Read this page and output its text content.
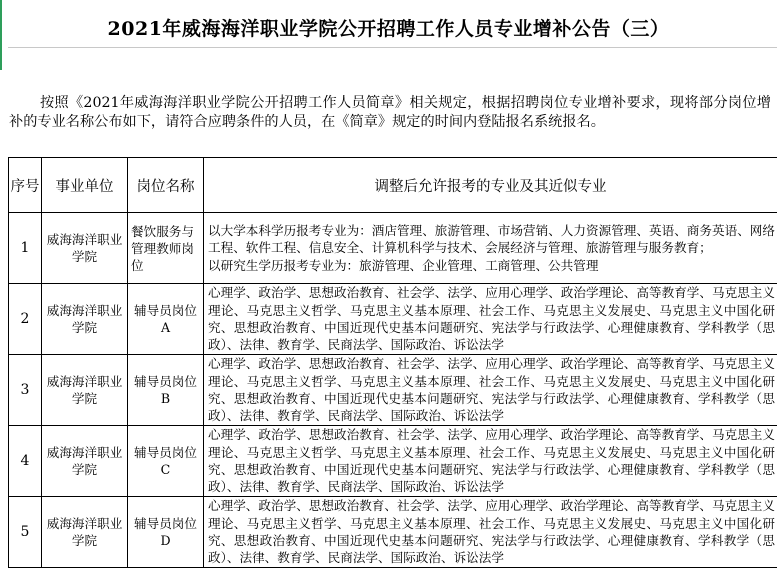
2021年威海海洋职业学院公开招聘工作人员专业增补公告（三）

按照《2021年威海海洋职业学院公开招聘工作人员简章》相关规定，根据招聘岗位专业增补要求，现将部分岗位增补的专业名称公布如下，请符合应聘条件的人员，在《简章》规定的时间内登陆报名系统报名。

序号	事业单位	岗位名称	调整后允许报考的专业及其近似专业
1	威海海洋职业学院	餐饮服务与管理教师岗位	以大学本科学历报考专业为：酒店管理、旅游管理、市场营销、人力资源管理、英语、商务英语、网络工程、软件工程、信息安全、计算机科学与技术、会展经济与管理、旅游管理与服务教育；
以研究生学历报考专业为：旅游管理、企业管理、工商管理、公共管理

2	威海海洋职业学院	辅导员岗位A	心理学、政治学、思想政治教育、社会学、法学、应用心理学、政治学理论、高等教育学、马克思主义理论、马克思主义哲学、马克思主义基本原理、社会工作、马克思主义发展史、马克思主义中国化研究、思想政治教育、中国近现代史基本问题研究、宪法学与行政法学、心理健康教育、学科教学（思政）、法律、教育学、民商法学、国际政治、诉讼法学
3	威海海洋职业学院	辅导员岗位B	心理学、政治学、思想政治教育、社会学、法学、应用心理学、政治学理论、高等教育学、马克思主义理论、马克思主义哲学、马克思主义基本原理、社会工作、马克思主义发展史、马克思主义中国化研究、思想政治教育、中国近现代史基本问题研究、宪法学与行政法学、心理健康教育、学科教学（思政）、法律、教育学、民商法学、国际政治、诉讼法学
4	威海海洋职业学院	辅导员岗位C	心理学、政治学、思想政治教育、社会学、法学、应用心理学、政治学理论、高等教育学、马克思主义理论、马克思主义哲学、马克思主义基本原理、社会工作、马克思主义发展史、马克思主义中国化研究、思想政治教育、中国近现代史基本问题研究、宪法学与行政法学、心理健康教育、学科教学（思政）、法律、教育学、民商法学、国际政治、诉讼法学
5	威海海洋职业学院	辅导员岗位D	心理学、政治学、思想政治教育、社会学、法学、应用心理学、政治学理论、高等教育学、马克思主义理论、马克思主义哲学、马克思主义基本原理、社会工作、马克思主义发展史、马克思主义中国化研究、思想政治教育、中国近现代史基本问题研究、宪法学与行政法学、心理健康教育、学科教学（思政）、法律、教育学、民商法学、国际政治、诉讼法学
